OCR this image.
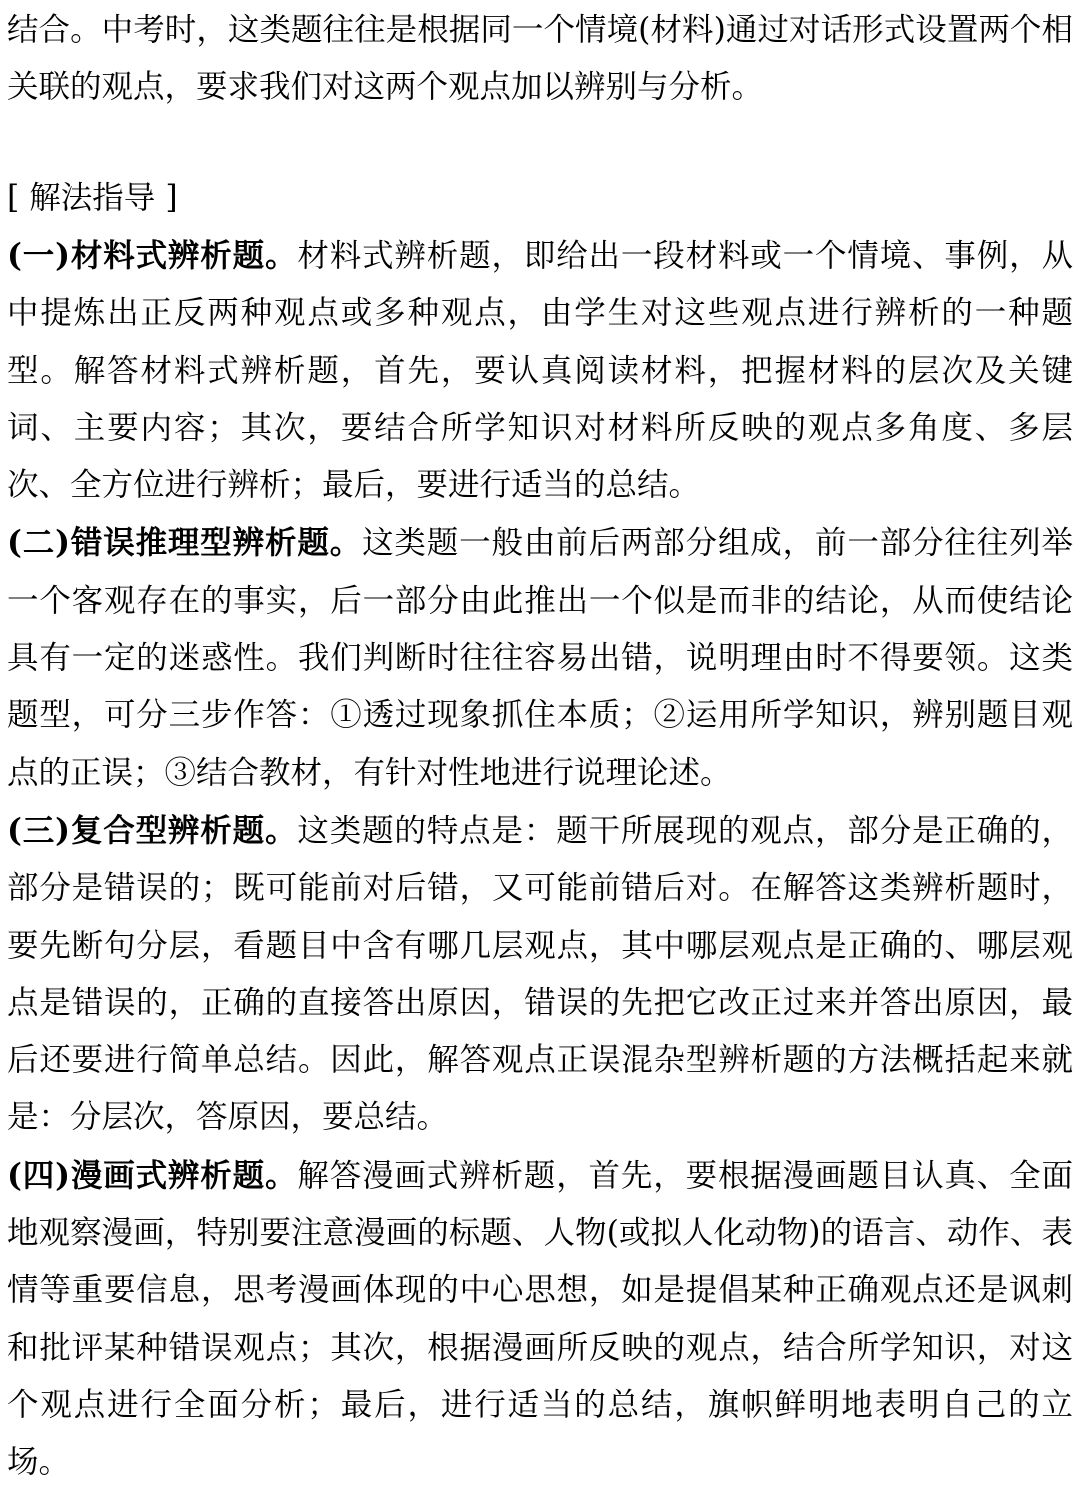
结合。中考时，这类题往往是根据同一个情境(材料)通过对话形式设置两个相关联的观点，要求我们对这两个观点加以辨别与分析。

[ 解法指导 ]

(一)材料式辨析题。材料式辨析题，即给出一段材料或一个情境、事例，从中提炼出正反两种观点或多种观点，由学生对这些观点进行辨析的一种题型。解答材料式辨析题，首先，要认真阅读材料，把握材料的层次及关键词、主要内容；其次，要结合所学知识对材料所反映的观点多角度、多层次、全方位进行辨析；最后，要进行适当的总结。

(二)错误推理型辨析题。这类题一般由前后两部分组成，前一部分往往列举一个客观存在的事实，后一部分由此推出一个似是而非的结论，从而使结论具有一定的迷惑性。我们判断时往往容易出错，说明理由时不得要领。这类题型，可分三步作答：①透过现象抓住本质；②运用所学知识，辨别题目观点的正误；③结合教材，有针对性地进行说理论述。

(三)复合型辨析题。这类题的特点是：题干所展现的观点，部分是正确的，部分是错误的；既可能前对后错，又可能前错后对。在解答这类辨析题时，要先断句分层，看题目中含有哪几层观点，其中哪层观点是正确的、哪层观点是错误的，正确的直接答出原因，错误的先把它改正过来并答出原因，最后还要进行简单总结。因此，解答观点正误混杂型辨析题的方法概括起来就是：分层次，答原因，要总结。

(四)漫画式辨析题。解答漫画式辨析题，首先，要根据漫画题目认真、全面地观察漫画，特别要注意漫画的标题、人物(或拟人化动物)的语言、动作、表情等重要信息，思考漫画体现的中心思想，如是提倡某种正确观点还是讽刺和批评某种错误观点；其次，根据漫画所反映的观点，结合所学知识，对这个观点进行全面分析；最后，进行适当的总结，旗帜鲜明地表明自己的立场。
